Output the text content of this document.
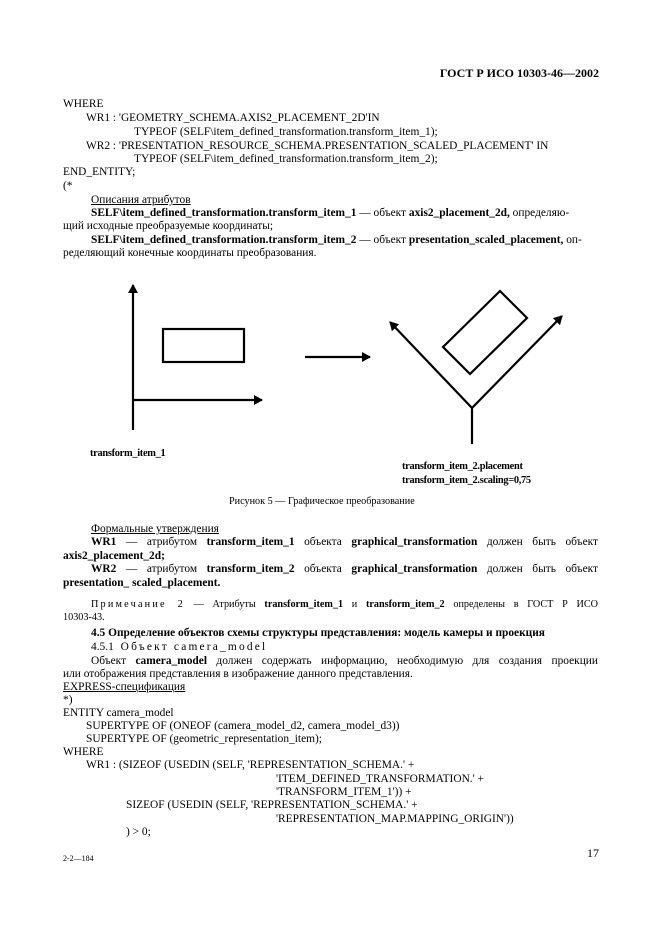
ГОСТ Р ИСО 10303-46—2002
WHERE
WR1 : 'GEOMETRY_SCHEMA.AXIS2_PLACEMENT_2D'IN
TYPEOF (SELF\item_defined_transformation.transform_item_1);
WR2 : 'PRESENTATION_RESOURCE_SCHEMA.PRESENTATION_SCALED_PLACEMENT' IN
TYPEOF (SELF\item_defined_transformation.transform_item_2);
END_ENTITY;
(*
Описания атрибутов
SELF\item_defined_transformation.transform_item_1 — объект axis2_placement_2d, определяю-
щий исходные преобразуемые координаты;
SELF\item_defined_transformation.transform_item_2 — объект presentation_scaled_placement, оп-
ределяющий конечные координаты преобразования.
transform_item_1
transform_item_2.placement
transform_item_2.scaling=0,75
Рисунок 5 — Графическое преобразование
Формальные утверждения
WR1 — атрибутом transform_item_1 объекта graphical_transformation должен быть объект
axis2_placement_2d;
WR2 — атрибутом transform_item_2 объекта graphical_transformation должен быть объект
presentation_ scaled_placement.
Примечание 2 — Атрибуты transform_item_1 и transform_item_2 определены в ГОСТ Р ИСО
10303-43.
4.5 Определение объектов схемы структуры представления: модель камеры и проекция
4.5.1 Объект camera_model
Объект camera_model должен содержать информацию, необходимую для создания проекции
или отображения представления в изображение данного представления.
EXPRESS-спецификация
*)
ENTITY camera_model
SUPERTYPE OF (ONEOF (camera_model_d2, camera_model_d3))
SUPERTYPE OF (geometric_representation_item);
WHERE
WR1 : (SIZEOF (USEDIN (SELF, 'REPRESENTATION_SCHEMA.' +
'ITEM_DEFINED_TRANSFORMATION.' +
'TRANSFORM_ITEM_1')) +
SIZEOF (USEDIN (SELF, 'REPRESENTATION_SCHEMA.' +
'REPRESENTATION_MAP.MAPPING_ORIGIN'))
) > 0;
2-2—184	17
